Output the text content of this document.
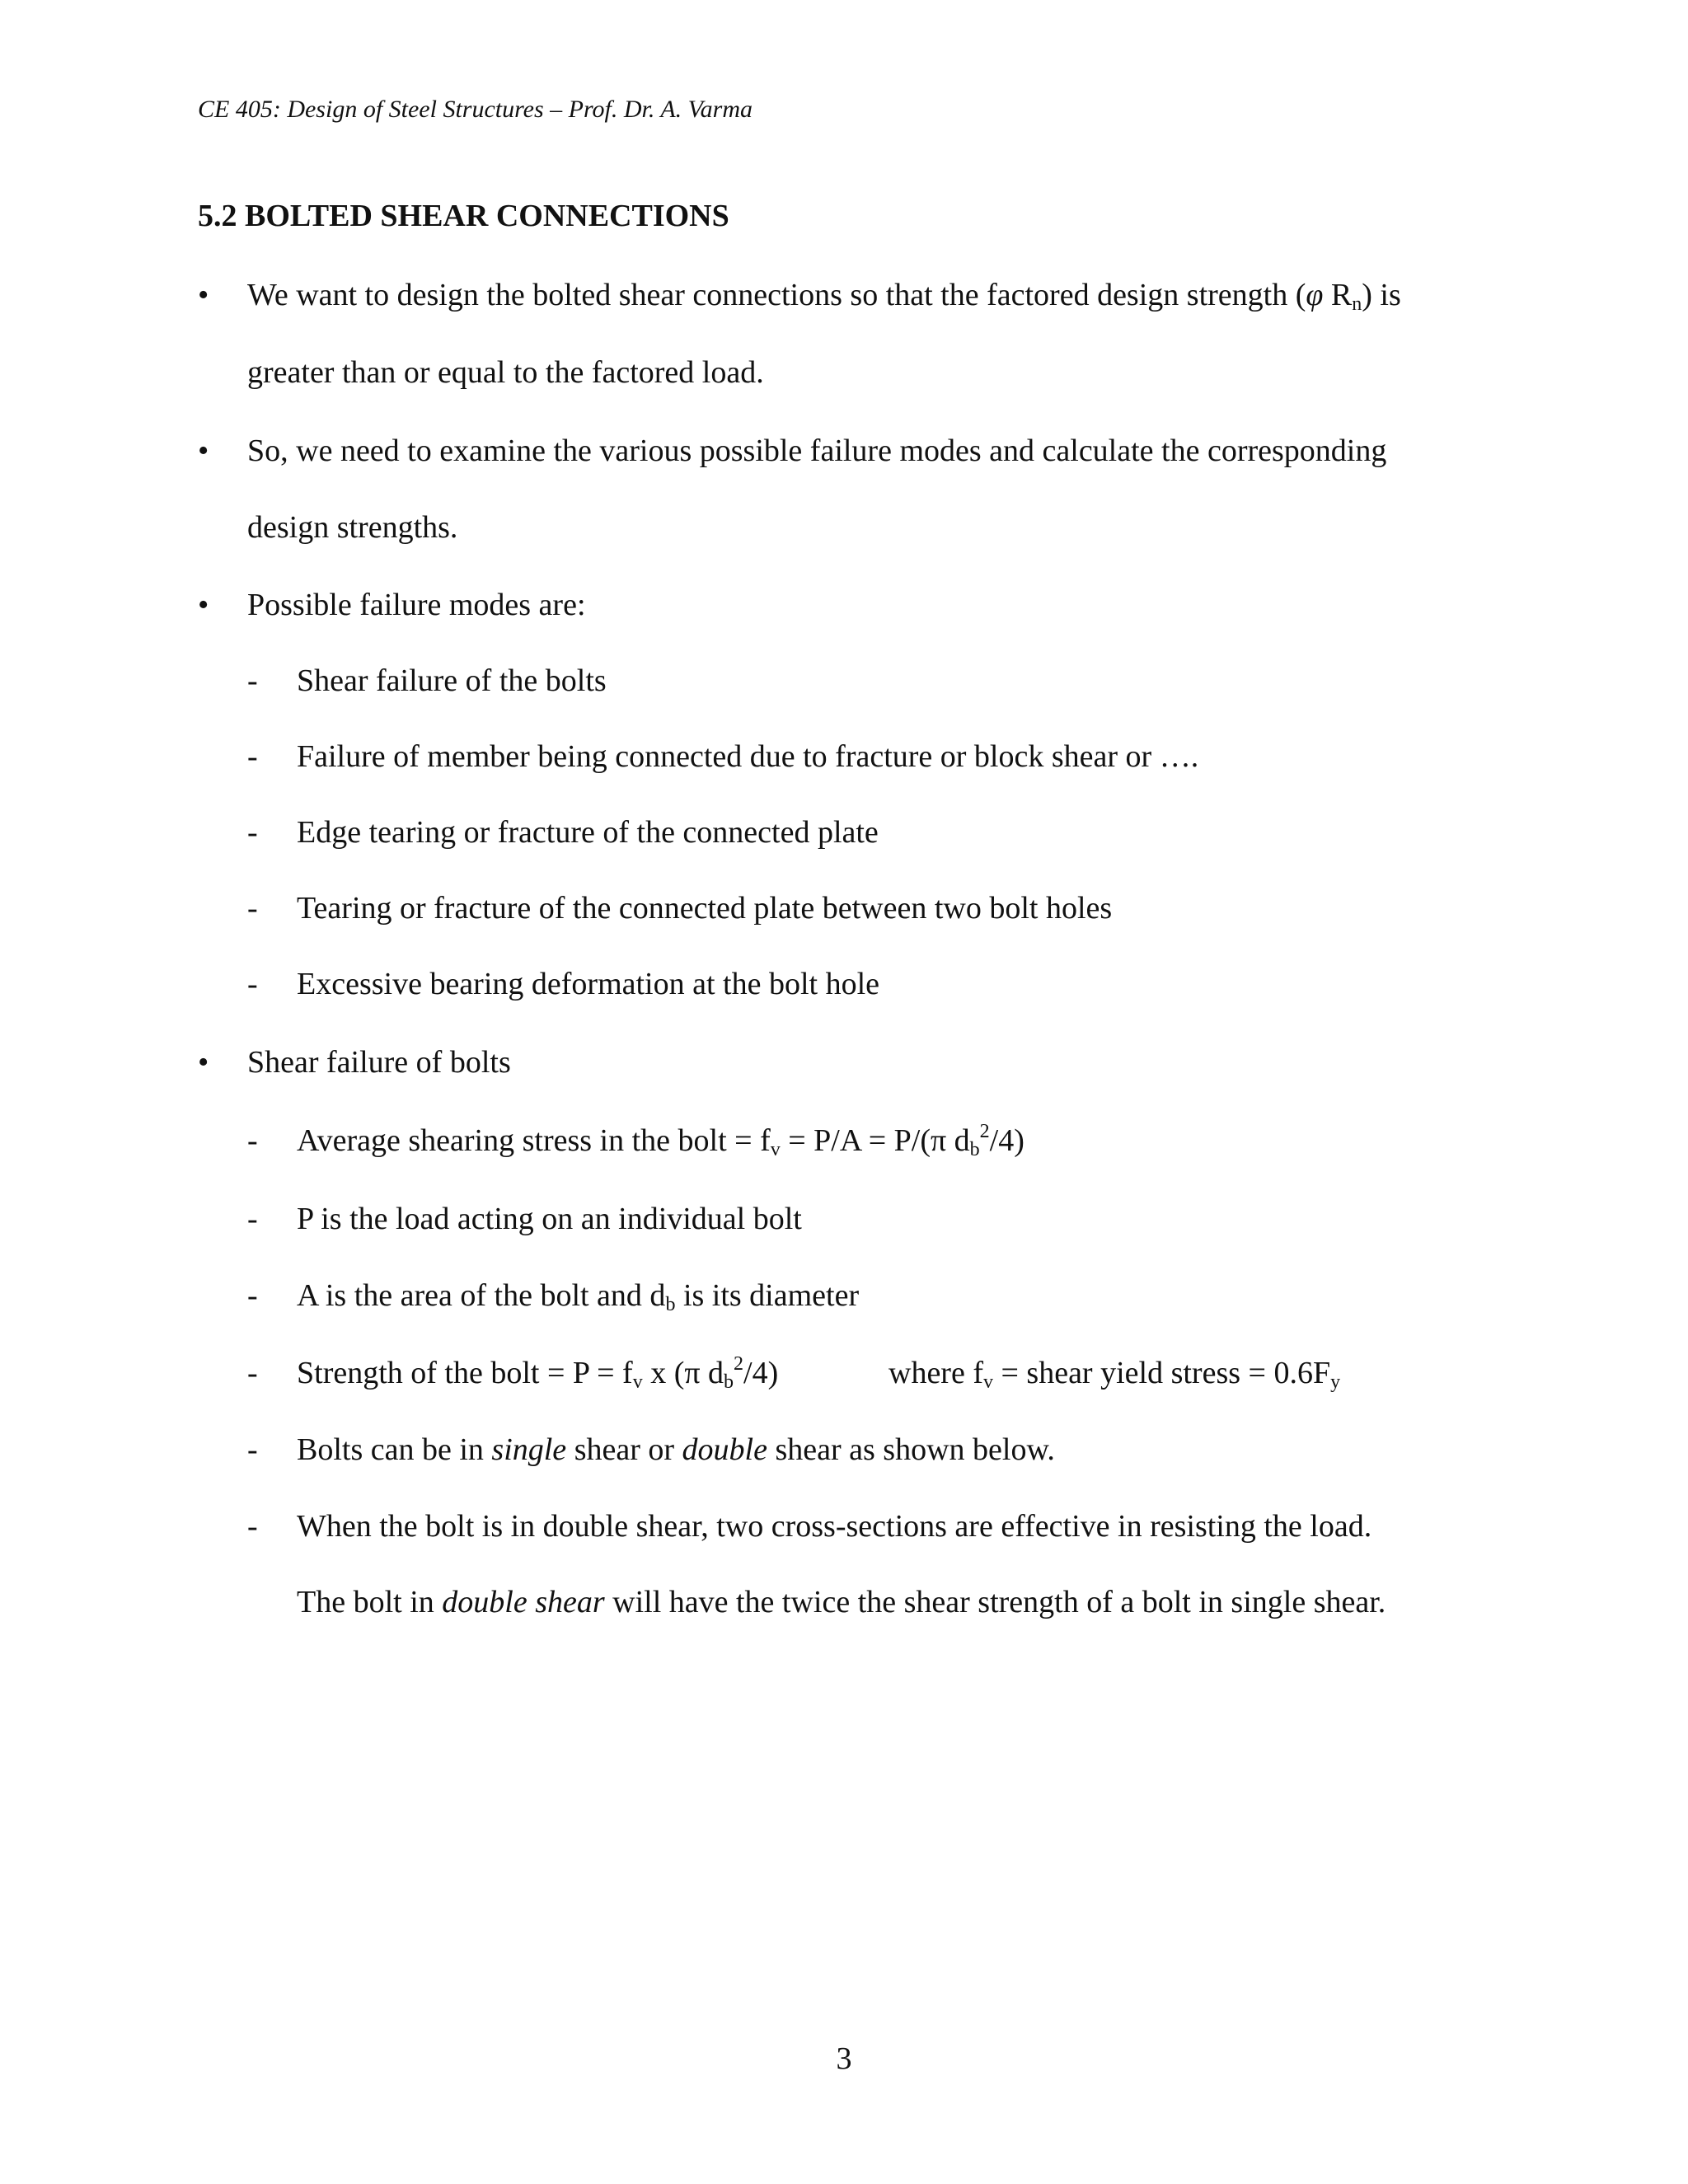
CE 405: Design of Steel Structures – Prof. Dr. A. Varma
5.2 BOLTED SHEAR CONNECTIONS
• We want to design the bolted shear connections so that the factored design strength (φ $R_n$) is
greater than or equal to the factored load.
• So, we need to examine the various possible failure modes and calculate the corresponding
design strengths.
• Possible failure modes are:
- Shear failure of the bolts
- Failure of member being connected due to fracture or block shear or ….
- Edge tearing or fracture of the connected plate
- Tearing or fracture of the connected plate between two bolt holes
- Excessive bearing deformation at the bolt hole
• Shear failure of bolts
- Average shearing stress in the bolt = $f_v = P/A = P/(\pi$ $d_b^2/4$)
- P is the load acting on an individual bolt
- A is the area of the bolt and $d_b$ is its diameter
- Strength of the bolt = $P = f_v$ x (π $d_b^2/4$)	where $f_v$ = shear yield stress = $0.6F_y$
- Bolts can be in single shear or double shear as shown below.
- When the bolt is in double shear, two cross-sections are effective in resisting the load.
The bolt in double shear will have the twice the shear strength of a bolt in single shear.
3
